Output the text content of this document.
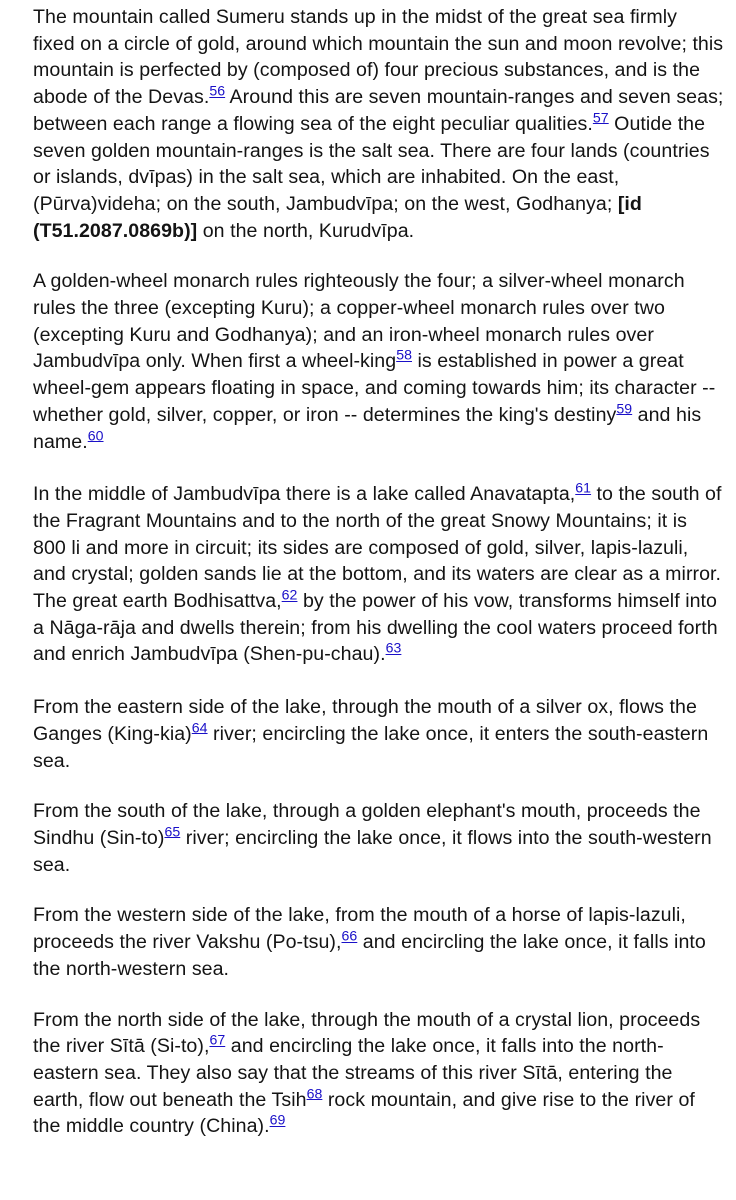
The mountain called Sumeru stands up in the midst of the great sea firmly fixed on a circle of gold, around which mountain the sun and moon revolve; this mountain is perfected by (composed of) four precious substances, and is the abode of the Devas.$^{56}$ Around this are seven mountain-ranges and seven seas; between each range a flowing sea of the eight peculiar qualities.$^{57}$ Outide the seven golden mountain-ranges is the salt sea. There are four lands (countries or islands, dvīpas) in the salt sea, which are inhabited. On the east, (Pūrva)videha; on the south, Jambudvīpa; on the west, Godhanya; [id (T51.2087.0869b)] on the north, Kurudvīpa.

A golden-wheel monarch rules righteously the four; a silver-wheel monarch rules the three (excepting Kuru); a copper-wheel monarch rules over two (excepting Kuru and Godhanya); and an iron-wheel monarch rules over Jambudvīpa only. When first a wheel-king$^{58}$ is established in power a great wheel-gem appears floating in space, and coming towards him; its character -- whether gold, silver, copper, or iron -- determines the king's destiny$^{59}$ and his name.$^{60}$

In the middle of Jambudvīpa there is a lake called Anavatapta,$^{61}$ to the south of the Fragrant Mountains and to the north of the great Snowy Mountains; it is 800 li and more in circuit; its sides are composed of gold, silver, lapis-lazuli, and crystal; golden sands lie at the bottom, and its waters are clear as a mirror. The great earth Bodhisattva,$^{62}$ by the power of his vow, transforms himself into a Nāga-rāja and dwells therein; from his dwelling the cool waters proceed forth and enrich Jambudvīpa (Shen-pu-chau).$^{63}$

From the eastern side of the lake, through the mouth of a silver ox, flows the Ganges (King-kia)$^{64}$ river; encircling the lake once, it enters the south-eastern sea.

From the south of the lake, through a golden elephant's mouth, proceeds the Sindhu (Sin-to)$^{65}$ river; encircling the lake once, it flows into the south-western sea.

From the western side of the lake, from the mouth of a horse of lapis-lazuli, proceeds the river Vakshu (Po-tsu),$^{66}$ and encircling the lake once, it falls into the north-western sea.

From the north side of the lake, through the mouth of a crystal lion, proceeds the river Sītā (Si-to),$^{67}$ and encircling the lake once, it falls into the north-eastern sea. They also say that the streams of this river Sītā, entering the earth, flow out beneath the Tsih$^{68}$ rock mountain, and give rise to the river of the middle country (China).$^{69}$
